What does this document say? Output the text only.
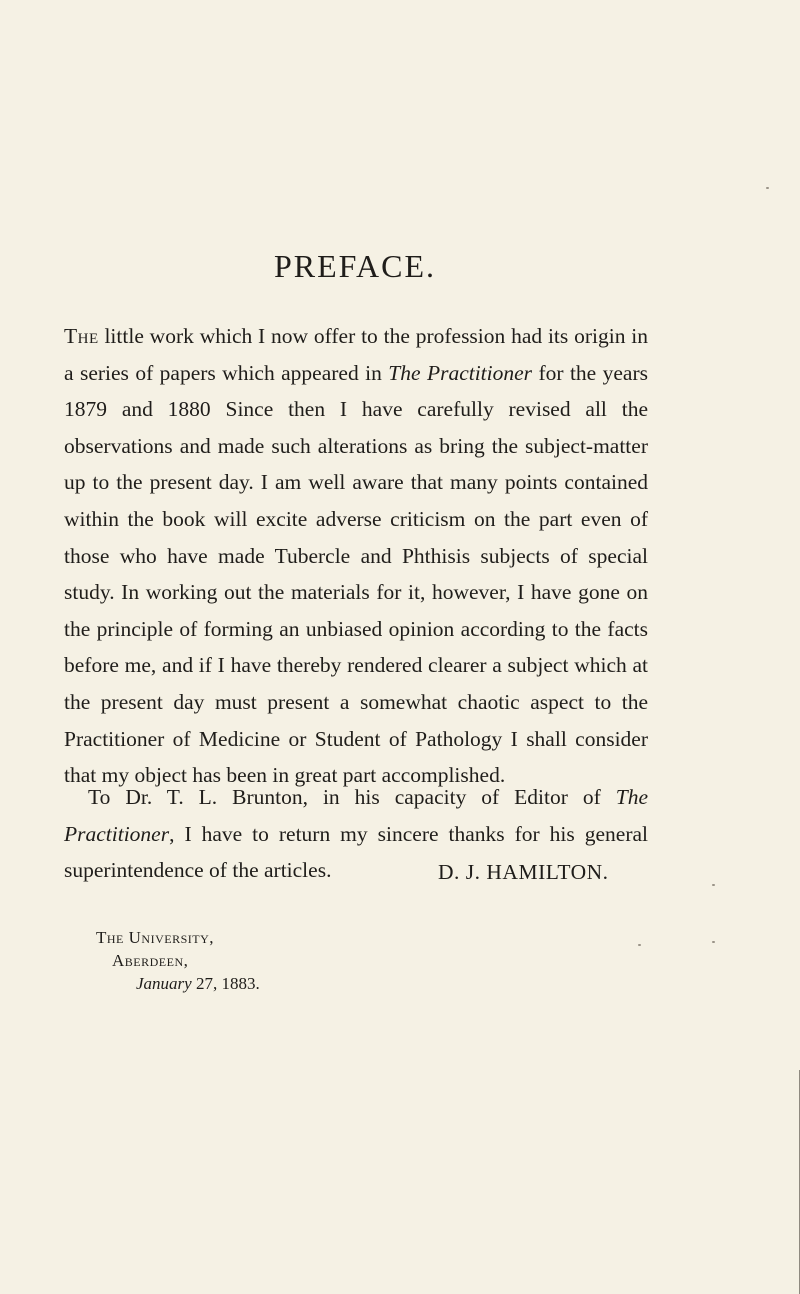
PREFACE.

The little work which I now offer to the profession had its origin in a series of papers which appeared in The Practitioner for the years 1879 and 1880 Since then I have carefully revised all the observations and made such alterations as bring the subject-matter up to the present day. I am well aware that many points contained within the book will excite adverse criticism on the part even of those who have made Tubercle and Phthisis subjects of special study. In working out the materials for it, however, I have gone on the principle of forming an unbiased opinion according to the facts before me, and if I have thereby rendered clearer a subject which at the present day must present a somewhat chaotic aspect to the Practitioner of Medicine or Student of Pathology I shall consider that my object has been in great part accomplished.

To Dr. T. L. Brunton, in his capacity of Editor of The Practitioner, I have to return my sincere thanks for his general superintendence of the articles.	D. J. HAMILTON.

The University,
Aberdeen,
January 27, 1883.
